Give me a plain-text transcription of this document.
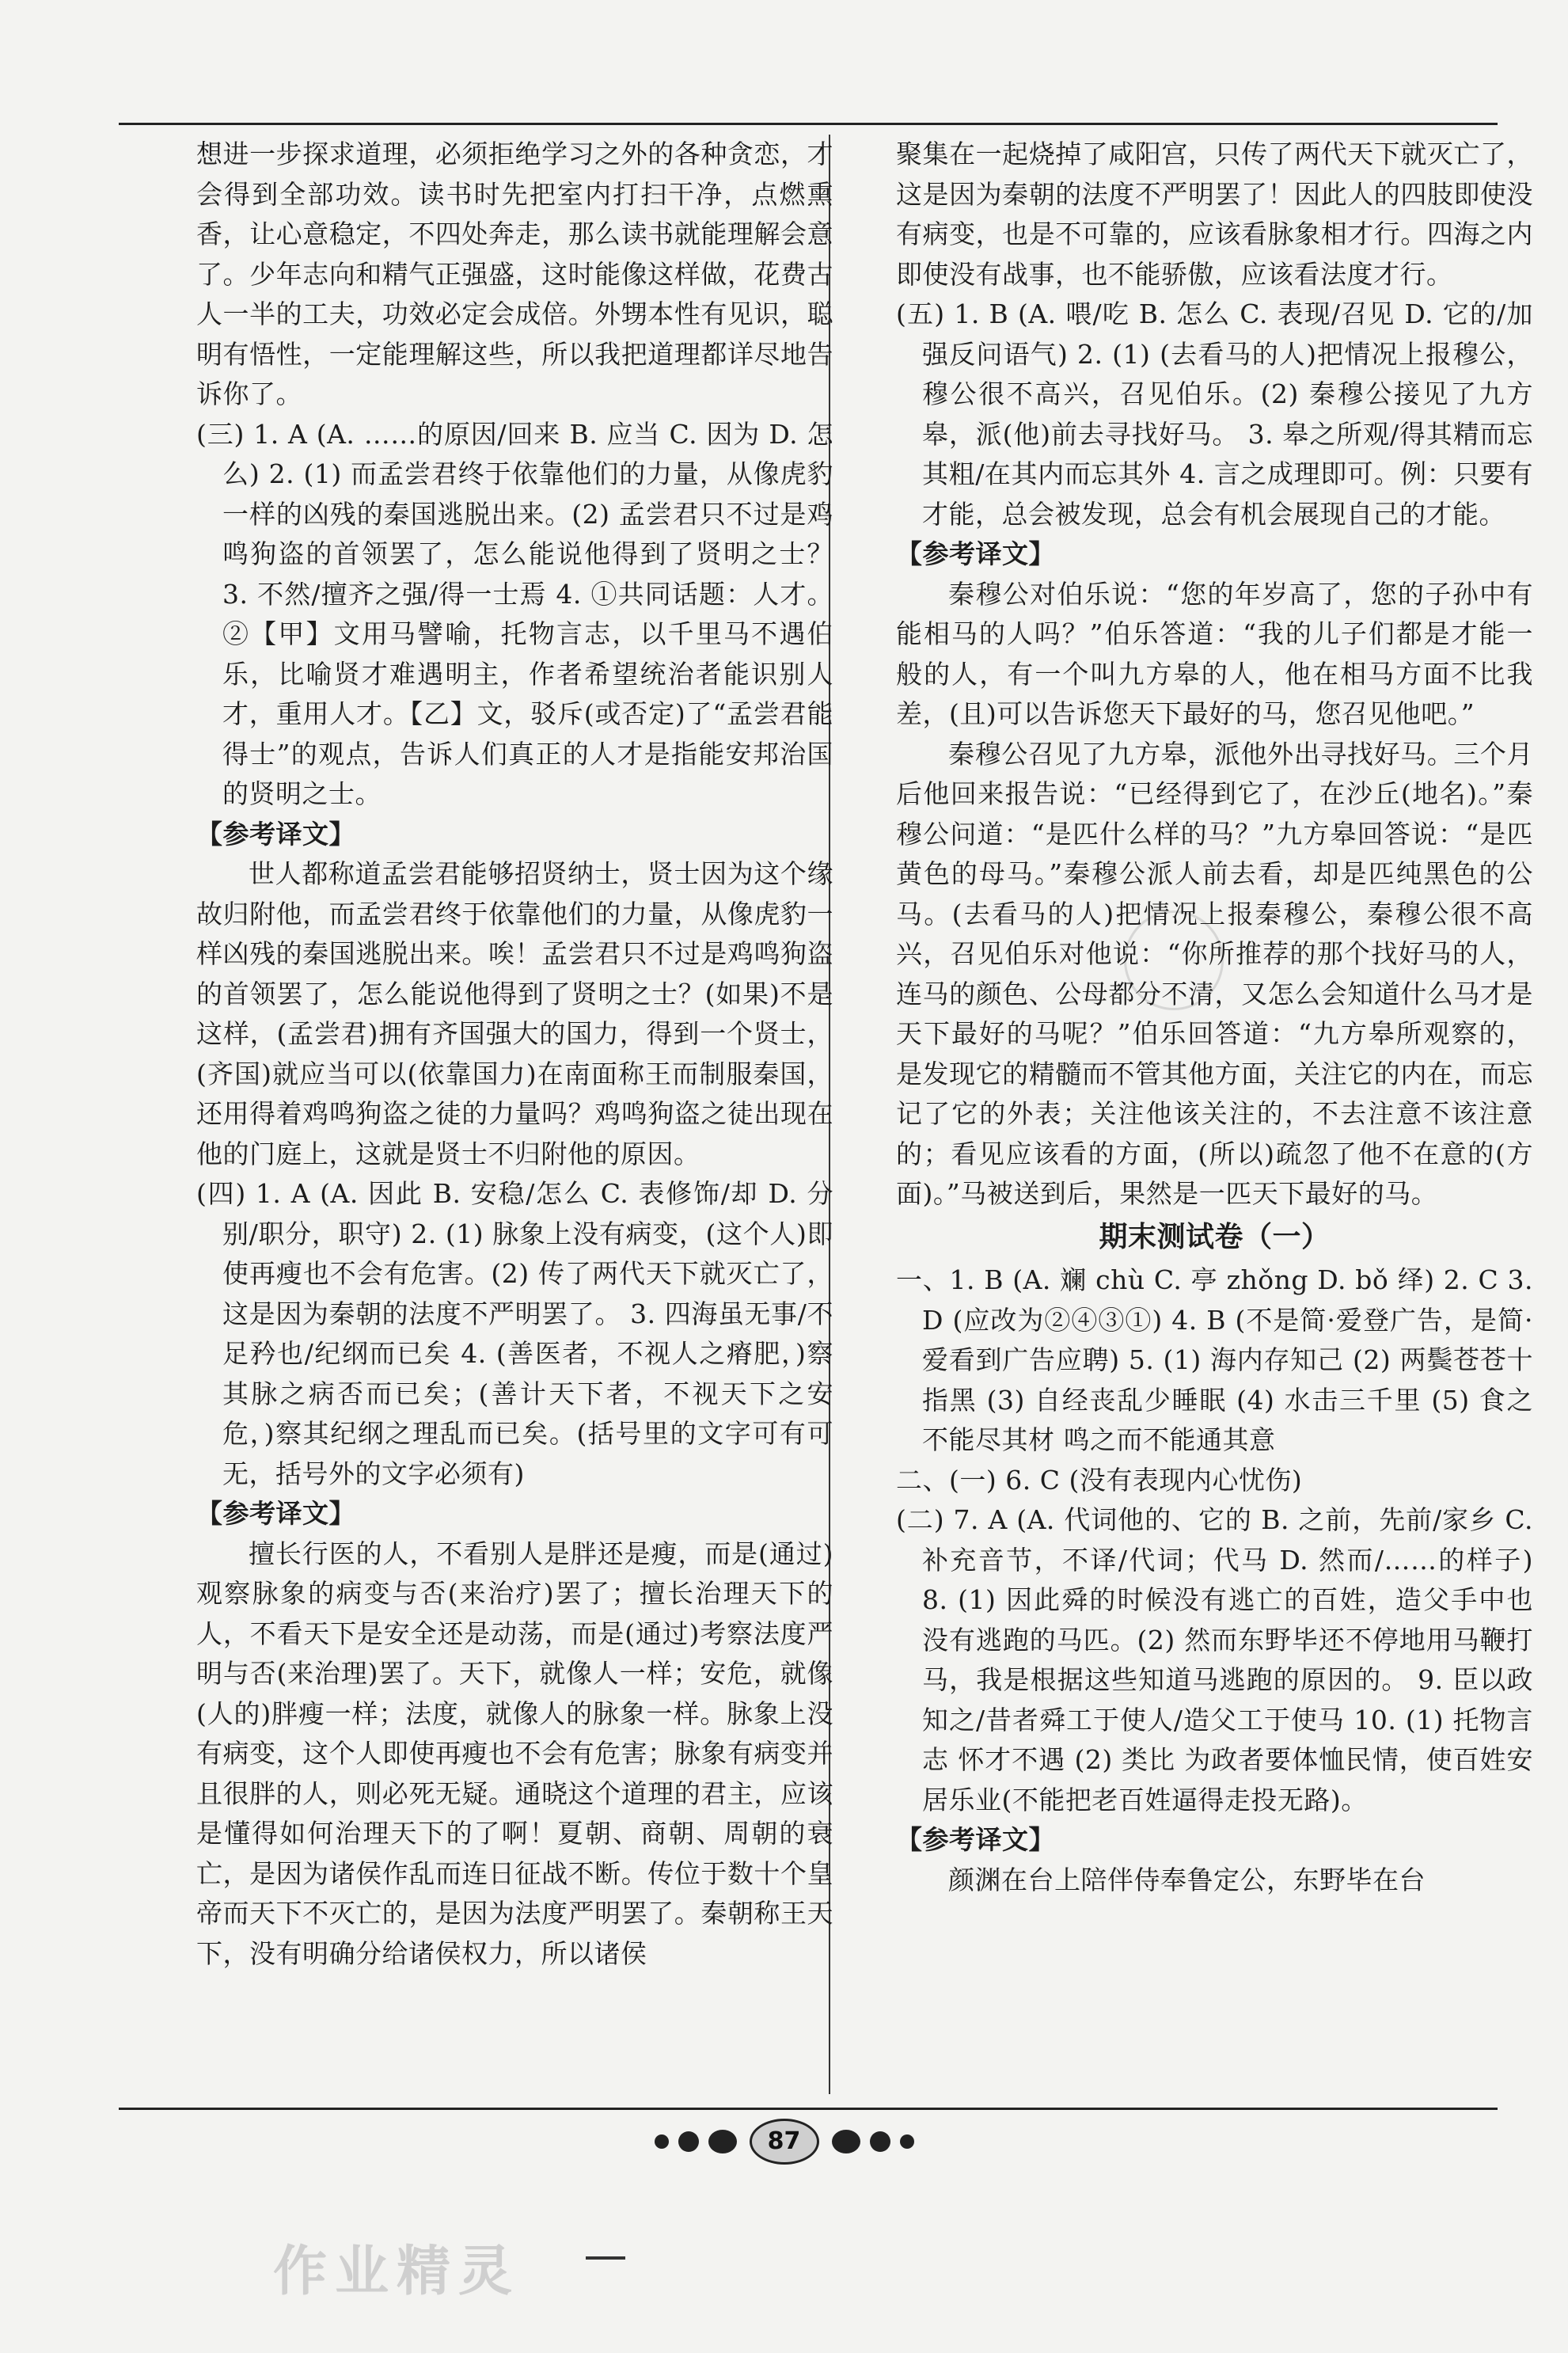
想进一步探求道理，必须拒绝学习之外的各种贪恋，才会得到全部功效。读书时先把室内打扫干净，点燃熏香，让心意稳定，不四处奔走，那么读书就能理解会意了。少年志向和精气正强盛，这时能像这样做，花费古人一半的工夫，功效必定会成倍。外甥本性有见识，聪明有悟性，一定能理解这些，所以我把道理都详尽地告诉你了。

(三) 1. A (A. ……的原因/回来 B. 应当 C. 因为 D. 怎么) 2. (1) 而孟尝君终于依靠他们的力量，从像虎豹一样的凶残的秦国逃脱出来。(2) 孟尝君只不过是鸡鸣狗盗的首领罢了，怎么能说他得到了贤明之士？ 3. 不然/擅齐之强/得一士焉 4. ①共同话题：人才。②【甲】文用马譬喻，托物言志，以千里马不遇伯乐，比喻贤才难遇明主，作者希望统治者能识别人才，重用人才。【乙】文，驳斥(或否定)了“孟尝君能得士”的观点，告诉人们真正的人才是指能安邦治国的贤明之士。

【参考译文】

世人都称道孟尝君能够招贤纳士，贤士因为这个缘故归附他，而孟尝君终于依靠他们的力量，从像虎豹一样凶残的秦国逃脱出来。唉！孟尝君只不过是鸡鸣狗盗的首领罢了，怎么能说他得到了贤明之士？(如果)不是这样，(孟尝君)拥有齐国强大的国力，得到一个贤士，(齐国)就应当可以(依靠国力)在南面称王而制服秦国，还用得着鸡鸣狗盗之徒的力量吗？鸡鸣狗盗之徒出现在他的门庭上，这就是贤士不归附他的原因。

(四) 1. A (A. 因此 B. 安稳/怎么 C. 表修饰/却 D. 分别/职分，职守) 2. (1) 脉象上没有病变，(这个人)即使再瘦也不会有危害。(2) 传了两代天下就灭亡了，这是因为秦朝的法度不严明罢了。 3. 四海虽无事/不足矜也/纪纲而已矣 4. (善医者，不视人之瘠肥，)察其脉之病否而已矣；(善计天下者，不视天下之安危，)察其纪纲之理乱而已矣。(括号里的文字可有可无，括号外的文字必须有)

【参考译文】

擅长行医的人，不看别人是胖还是瘦，而是(通过)观察脉象的病变与否(来治疗)罢了；擅长治理天下的人，不看天下是安全还是动荡，而是(通过)考察法度严明与否(来治理)罢了。天下，就像人一样；安危，就像(人的)胖瘦一样；法度，就像人的脉象一样。脉象上没有病变，这个人即使再瘦也不会有危害；脉象有病变并且很胖的人，则必死无疑。通晓这个道理的君主，应该是懂得如何治理天下的了啊！夏朝、商朝、周朝的衰亡，是因为诸侯作乱而连日征战不断。传位于数十个皇帝而天下不灭亡的，是因为法度严明罢了。秦朝称王天下，没有明确分给诸侯权力，所以诸侯

聚集在一起烧掉了咸阳宫，只传了两代天下就灭亡了，这是因为秦朝的法度不严明罢了！因此人的四肢即使没有病变，也是不可靠的，应该看脉象相才行。四海之内即使没有战事，也不能骄傲，应该看法度才行。

(五) 1. B (A. 喂/吃 B. 怎么 C. 表现/召见 D. 它的/加强反问语气) 2. (1) (去看马的人)把情况上报穆公，穆公很不高兴，召见伯乐。(2) 秦穆公接见了九方皋，派(他)前去寻找好马。 3. 皋之所观/得其精而忘其粗/在其内而忘其外 4. 言之成理即可。例：只要有才能，总会被发现，总会有机会展现自己的才能。

【参考译文】

秦穆公对伯乐说：“您的年岁高了，您的子孙中有能相马的人吗？”伯乐答道：“我的儿子们都是才能一般的人，有一个叫九方皋的人，他在相马方面不比我差，(且)可以告诉您天下最好的马，您召见他吧。”

秦穆公召见了九方皋，派他外出寻找好马。三个月后他回来报告说：“已经得到它了，在沙丘(地名)。”秦穆公问道：“是匹什么样的马？”九方皋回答说：“是匹黄色的母马。”秦穆公派人前去看，却是匹纯黑色的公马。(去看马的人)把情况上报秦穆公，秦穆公很不高兴，召见伯乐对他说：“你所推荐的那个找好马的人，连马的颜色、公母都分不清，又怎么会知道什么马才是天下最好的马呢？”伯乐回答道：“九方皋所观察的，是发现它的精髓而不管其他方面，关注它的内在，而忘记了它的外表；关注他该关注的，不去注意不该注意的；看见应该看的方面，(所以)疏忽了他不在意的(方面)。”马被送到后，果然是一匹天下最好的马。

期末测试卷（一）

一、1. B (A. 斓 chù C. 亭 zhǒng D. bǒ 绎) 2. C 3. D (应改为②④③①) 4. B (不是简·爱登广告，是简·爱看到广告应聘) 5. (1) 海内存知己 (2) 两鬓苍苍十指黑 (3) 自经丧乱少睡眠 (4) 水击三千里 (5) 食之不能尽其材 鸣之而不能通其意

二、(一) 6. C (没有表现内心忧伤)

(二) 7. A (A. 代词他的、它的 B. 之前，先前/家乡 C. 补充音节，不译/代词；代马 D. 然而/……的样子) 8. (1) 因此舜的时候没有逃亡的百姓，造父手中也没有逃跑的马匹。(2) 然而东野毕还不停地用马鞭打马，我是根据这些知道马逃跑的原因的。 9. 臣以政知之/昔者舜工于使人/造父工于使马 10. (1) 托物言志 怀才不遇 (2) 类比 为政者要体恤民情，使百姓安居乐业(不能把老百姓逼得走投无路)。

【参考译文】

颜渊在台上陪伴侍奉鲁定公，东野毕在台

87
作业精灵
